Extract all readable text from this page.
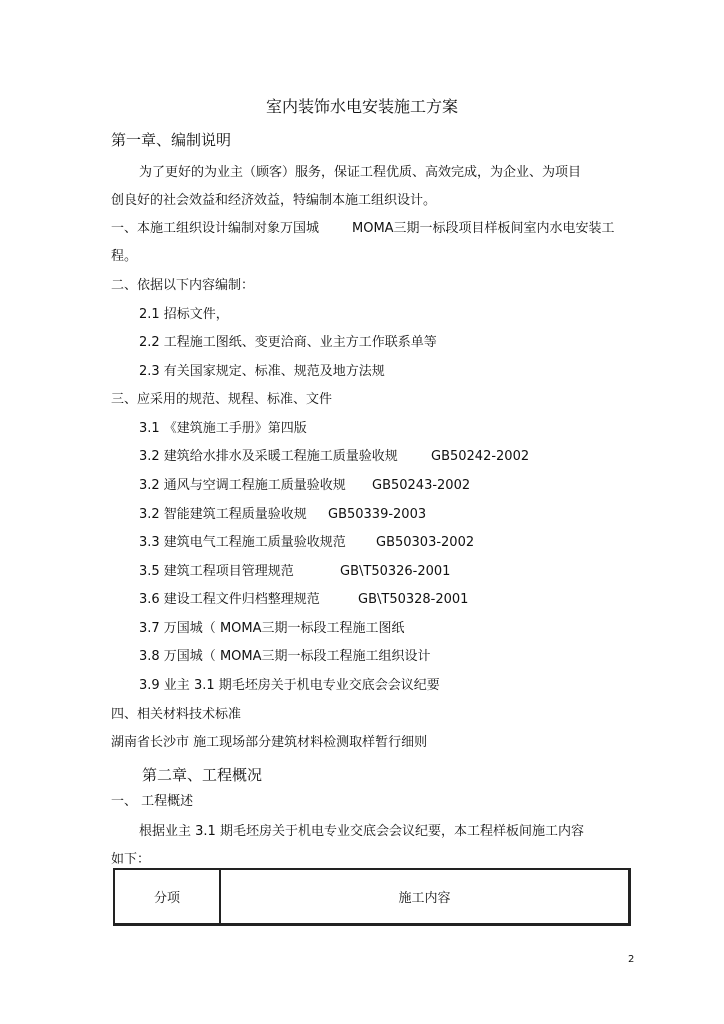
室内装饰水电安装施工方案
第一章、编制说明
为了更好的为业主（顾客）服务，保证工程优质、高效完成，为企业、为项目
创良好的社会效益和经济效益，特编制本施工组织设计。
一、本施工组织设计编制对象万国城	MOMA三期一标段项目样板间室内水电安装工
程。
二、依据以下内容编制：
2.1 招标文件，
2.2 工程施工图纸、变更洽商、业主方工作联系单等
2.3 有关国家规定、标准、规范及地方法规
三、应采用的规范、规程、标准、文件
3.1 《建筑施工手册》第四版
3.2 建筑给水排水及采暖工程施工质量验收规	GB50242-2002
3.2 通风与空调工程施工质量验收规 GB50243-2002
3.2 智能建筑工程质量验收规 GB50339-2003
3.3 建筑电气工程施工质量验收规范 GB50303-2002
3.5 建筑工程项目管理规范	GB\T50326-2001
3.6 建设工程文件归档整理规范	GB\T50328-2001
3.7 万国城（ MOMA三期一标段工程施工图纸
3.8 万国城（ MOMA三期一标段工程施工组织设计
3.9 业主 3.1 期毛坯房关于机电专业交底会会议纪要
四、相关材料技术标准
湖南省长沙市 施工现场部分建筑材料检测取样暂行细则
第二章、工程概况
一、 工程概述
根据业主 3.1 期毛坯房关于机电专业交底会会议纪要，本工程样板间施工内容
如下：
分项	施工内容
2
